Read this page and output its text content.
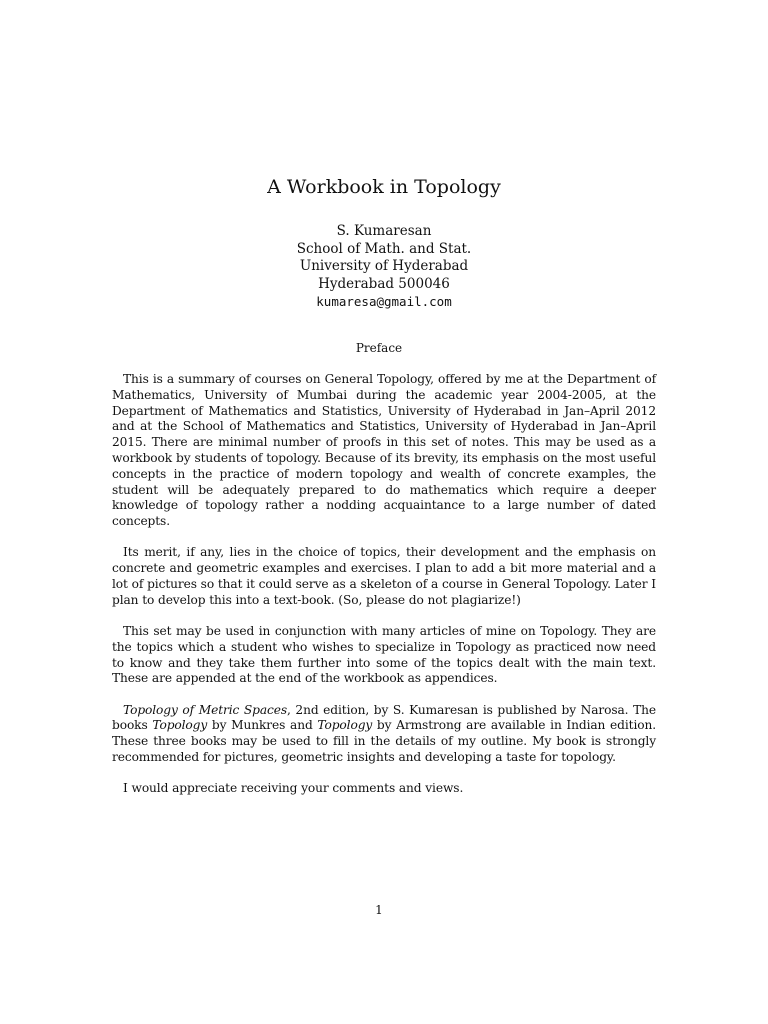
A Workbook in Topology
S. Kumaresan
School of Math. and Stat.
University of Hyderabad
Hyderabad 500046
kumaresa@gmail.com
Preface

This is a summary of courses on General Topology, offered by me at the Department of Mathematics, University of Mumbai during the academic year 2004-2005, at the Department of Mathematics and Statistics, University of Hyderabad in Jan–April 2012 and at the School of Mathematics and Statistics, University of Hyderabad in Jan–April 2015. There are minimal number of proofs in this set of notes. This may be used as a workbook by students of topology. Because of its brevity, its emphasis on the most useful concepts in the practice of modern topology and wealth of concrete examples, the student will be adequately prepared to do mathematics which require a deeper knowledge of topology rather a nodding acquaintance to a large number of dated concepts.

Its merit, if any, lies in the choice of topics, their development and the emphasis on concrete and geometric examples and exercises. I plan to add a bit more material and a lot of pictures so that it could serve as a skeleton of a course in General Topology. Later I plan to develop this into a text-book. (So, please do not plagiarize!)

This set may be used in conjunction with many articles of mine on Topology. They are the topics which a student who wishes to specialize in Topology as practiced now need to know and they take them further into some of the topics dealt with the main text. These are appended at the end of the workbook as appendices.

Topology of Metric Spaces, 2nd edition, by S. Kumaresan is published by Narosa. The books Topology by Munkres and Topology by Armstrong are available in Indian edition. These three books may be used to fill in the details of my outline. My book is strongly recommended for pictures, geometric insights and developing a taste for topology.

I would appreciate receiving your comments and views.

1
